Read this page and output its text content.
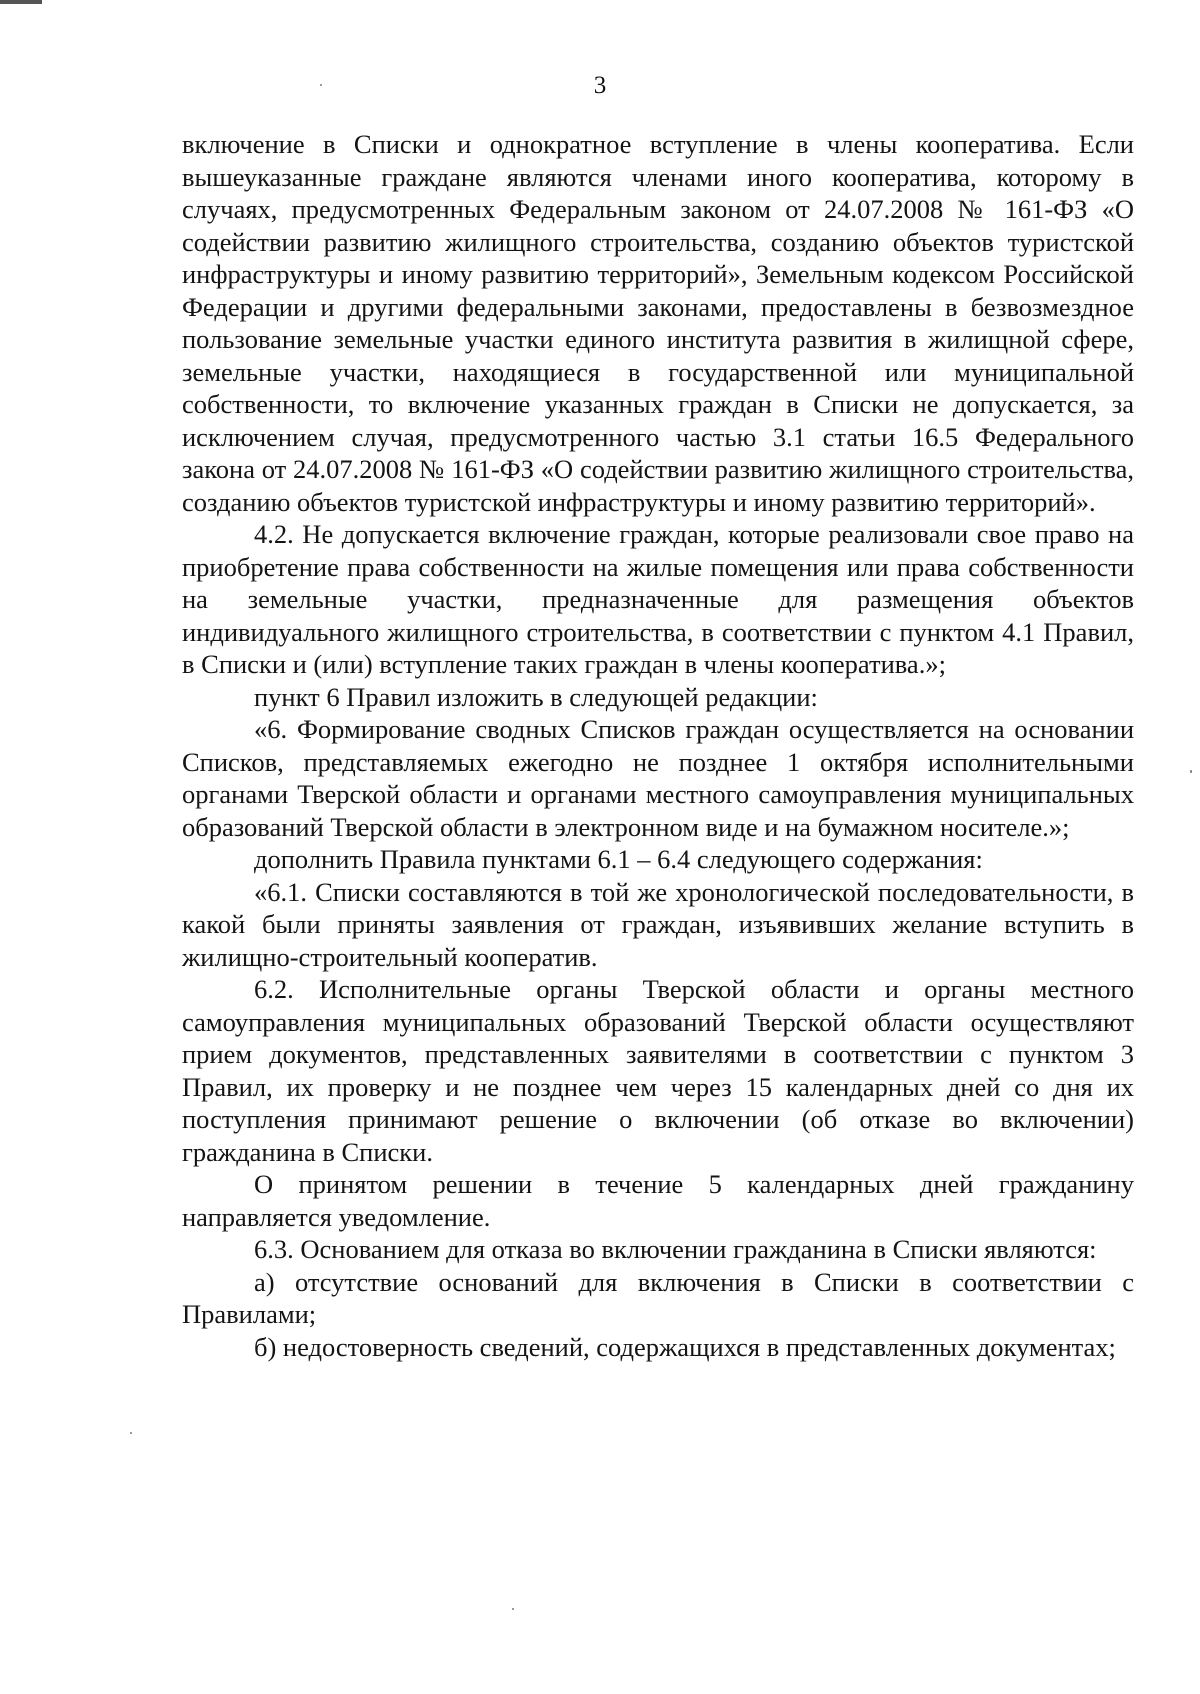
3

включение в Списки и однократное вступление в члены кооператива. Если вышеуказанные граждане являются членами иного кооператива, которому в случаях, предусмотренных Федеральным законом от 24.07.2008 № 161-ФЗ «О содействии развитию жилищного строительства, созданию объектов туристской инфраструктуры и иному развитию территорий», Земельным кодексом Российской Федерации и другими федеральными законами, предоставлены в безвозмездное пользование земельные участки единого института развития в жилищной сфере, земельные участки, находящиеся в государственной или муниципальной собственности, то включение указанных граждан в Списки не допускается, за исключением случая, предусмотренного частью 3.1 статьи 16.5 Федерального закона от 24.07.2008 № 161-ФЗ «О содействии развитию жилищного строительства, созданию объектов туристской инфраструктуры и иному развитию территорий».

4.2. Не допускается включение граждан, которые реализовали свое право на приобретение права собственности на жилые помещения или права собственности на земельные участки, предназначенные для размещения объектов индивидуального жилищного строительства, в соответствии с пунктом 4.1 Правил, в Списки и (или) вступление таких граждан в члены кооператива.»;

пункт 6 Правил изложить в следующей редакции:

«6. Формирование сводных Списков граждан осуществляется на основании Списков, представляемых ежегодно не позднее 1 октября исполнительными органами Тверской области и органами местного самоуправления муниципальных образований Тверской области в электронном виде и на бумажном носителе.»;

дополнить Правила пунктами 6.1 – 6.4 следующего содержания:

«6.1. Списки составляются в той же хронологической последовательности, в какой были приняты заявления от граждан, изъявивших желание вступить в жилищно-строительный кооператив.

6.2. Исполнительные органы Тверской области и органы местного самоуправления муниципальных образований Тверской области осуществляют прием документов, представленных заявителями в соответствии с пунктом 3 Правил, их проверку и не позднее чем через 15 календарных дней со дня их поступления принимают решение о включении (об отказе во включении) гражданина в Списки.

О принятом решении в течение 5 календарных дней гражданину направляется уведомление.

6.3. Основанием для отказа во включении гражданина в Списки являются:

а) отсутствие оснований для включения в Списки в соответствии с Правилами;

б) недостоверность сведений, содержащихся в представленных документах;
